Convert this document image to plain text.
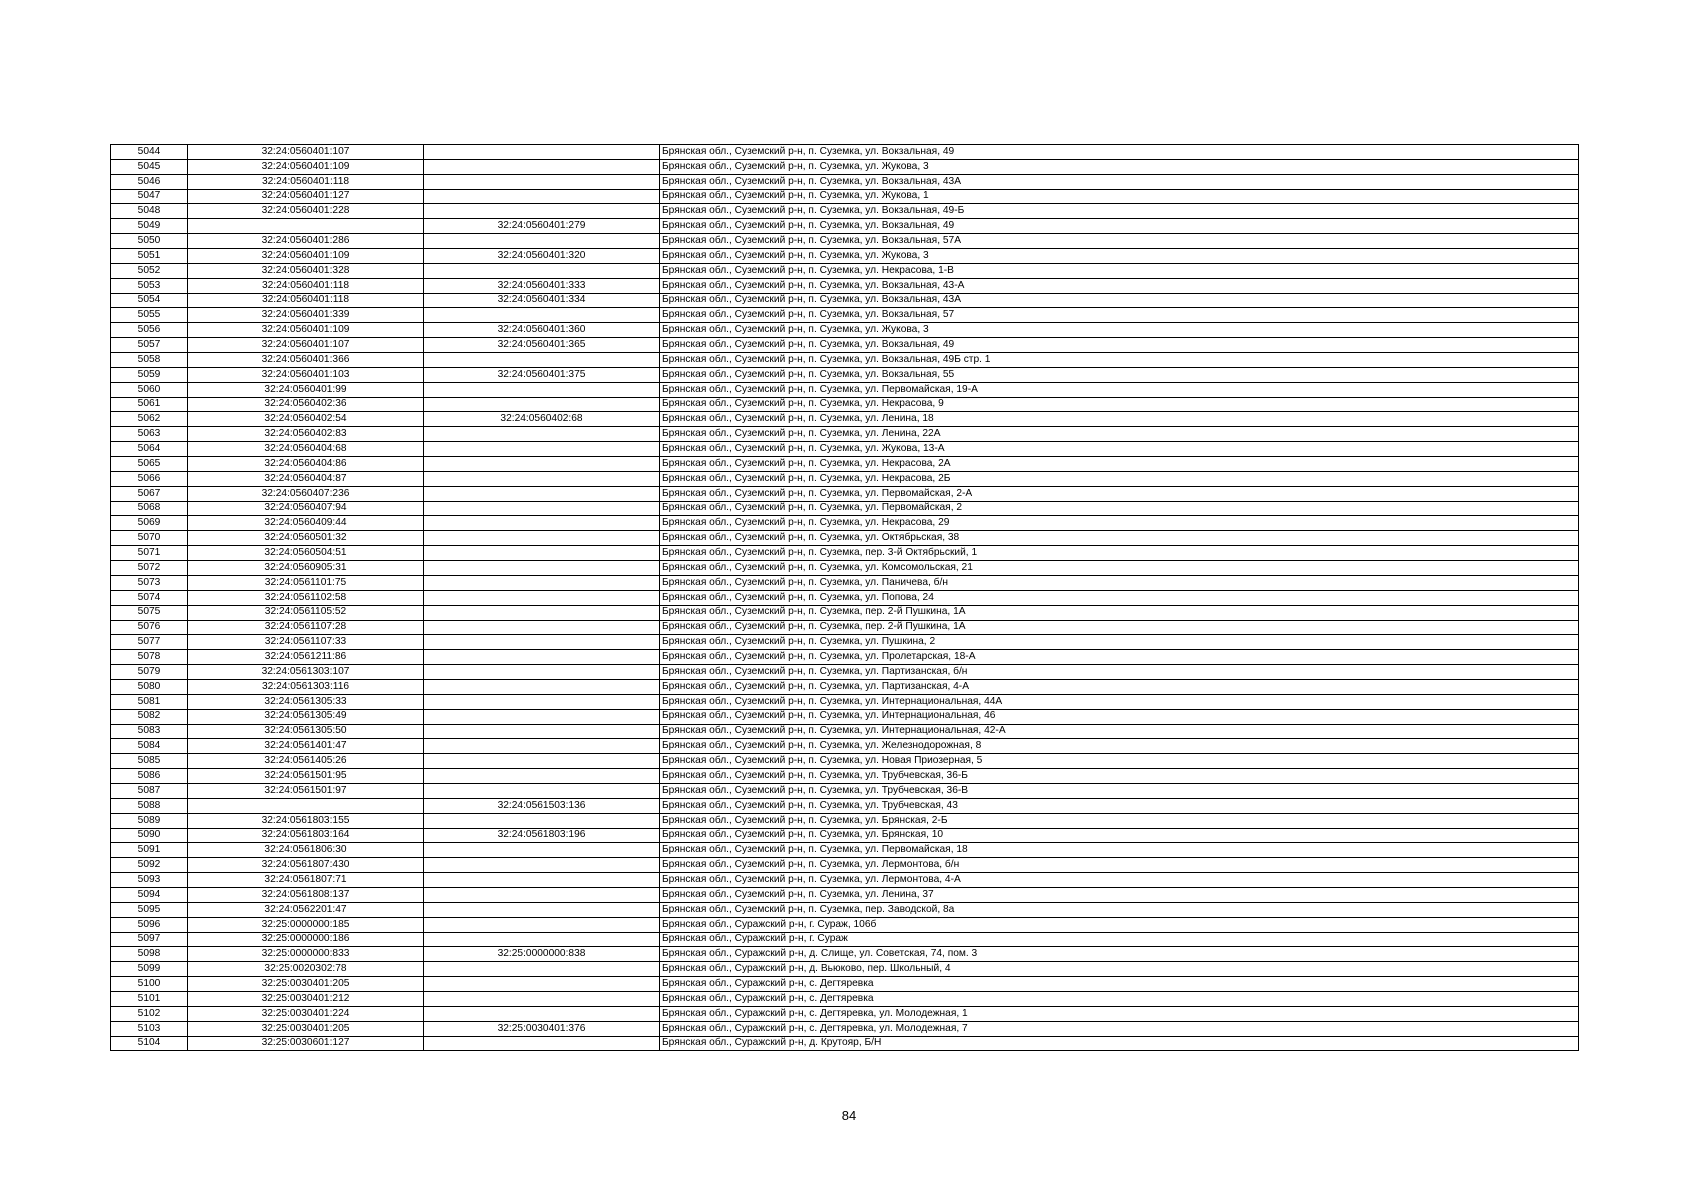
5044	32:24:0560401:107		Брянская обл., Суземский р-н, п. Суземка, ул. Вокзальная, 49
5045	32:24:0560401:109		Брянская обл., Суземский р-н, п. Суземка, ул. Жукова, 3
5046	32:24:0560401:118		Брянская обл., Суземский р-н, п. Суземка, ул. Вокзальная, 43А
5047	32:24:0560401:127		Брянская обл., Суземский р-н, п. Суземка, ул. Жукова, 1
5048	32:24:0560401:228		Брянская обл., Суземский р-н, п. Суземка, ул. Вокзальная, 49-Б
5049		32:24:0560401:279	Брянская обл., Суземский р-н, п. Суземка, ул. Вокзальная, 49
5050	32:24:0560401:286		Брянская обл., Суземский р-н, п. Суземка, ул. Вокзальная, 57А
5051	32:24:0560401:109	32:24:0560401:320	Брянская обл., Суземский р-н, п. Суземка, ул. Жукова, 3
5052	32:24:0560401:328		Брянская обл., Суземский р-н, п. Суземка, ул. Некрасова, 1-В
5053	32:24:0560401:118	32:24:0560401:333	Брянская обл., Суземский р-н, п. Суземка, ул. Вокзальная, 43-А
5054	32:24:0560401:118	32:24:0560401:334	Брянская обл., Суземский р-н, п. Суземка, ул. Вокзальная, 43А
5055	32:24:0560401:339		Брянская обл., Суземский р-н, п. Суземка, ул. Вокзальная, 57
5056	32:24:0560401:109	32:24:0560401:360	Брянская обл., Суземский р-н, п. Суземка, ул. Жукова, 3
5057	32:24:0560401:107	32:24:0560401:365	Брянская обл., Суземский р-н, п. Суземка, ул. Вокзальная, 49
5058	32:24:0560401:366		Брянская обл., Суземский р-н, п. Суземка, ул. Вокзальная, 49Б стр. 1
5059	32:24:0560401:103	32:24:0560401:375	Брянская обл., Суземский р-н, п. Суземка, ул. Вокзальная, 55
5060	32:24:0560401:99		Брянская обл., Суземский р-н, п. Суземка, ул. Первомайская, 19-А
5061	32:24:0560402:36		Брянская обл., Суземский р-н, п. Суземка, ул. Некрасова, 9
5062	32:24:0560402:54	32:24:0560402:68	Брянская обл., Суземский р-н, п. Суземка, ул. Ленина, 18
5063	32:24:0560402:83		Брянская обл., Суземский р-н, п. Суземка, ул. Ленина, 22А
5064	32:24:0560404:68		Брянская обл., Суземский р-н, п. Суземка, ул. Жукова, 13-А
5065	32:24:0560404:86		Брянская обл., Суземский р-н, п. Суземка, ул. Некрасова, 2А
5066	32:24:0560404:87		Брянская обл., Суземский р-н, п. Суземка, ул. Некрасова, 2Б
5067	32:24:0560407:236		Брянская обл., Суземский р-н, п. Суземка, ул. Первомайская, 2-А
5068	32:24:0560407:94		Брянская обл., Суземский р-н, п. Суземка, ул. Первомайская, 2
5069	32:24:0560409:44		Брянская обл., Суземский р-н, п. Суземка, ул. Некрасова, 29
5070	32:24:0560501:32		Брянская обл., Суземский р-н, п. Суземка, ул. Октябрьская, 38
5071	32:24:0560504:51		Брянская обл., Суземский р-н, п. Суземка, пер. 3-й Октябрьский, 1
5072	32:24:0560905:31		Брянская обл., Суземский р-н, п. Суземка, ул. Комсомольская, 21
5073	32:24:0561101:75		Брянская обл., Суземский р-н, п. Суземка, ул. Паничева, б/н
5074	32:24:0561102:58		Брянская обл., Суземский р-н, п. Суземка, ул. Попова, 24
5075	32:24:0561105:52		Брянская обл., Суземский р-н, п. Суземка, пер. 2-й Пушкина, 1А
5076	32:24:0561107:28		Брянская обл., Суземский р-н, п. Суземка, пер. 2-й Пушкина, 1А
5077	32:24:0561107:33		Брянская обл., Суземский р-н, п. Суземка, ул. Пушкина, 2
5078	32:24:0561211:86		Брянская обл., Суземский р-н, п. Суземка, ул. Пролетарская, 18-А
5079	32:24:0561303:107		Брянская обл., Суземский р-н, п. Суземка, ул. Партизанская, б/н
5080	32:24:0561303:116		Брянская обл., Суземский р-н, п. Суземка, ул. Партизанская, 4-А
5081	32:24:0561305:33		Брянская обл., Суземский р-н, п. Суземка, ул. Интернациональная, 44А
5082	32:24:0561305:49		Брянская обл., Суземский р-н, п. Суземка, ул. Интернациональная, 46
5083	32:24:0561305:50		Брянская обл., Суземский р-н, п. Суземка, ул. Интернациональная, 42-А
5084	32:24:0561401:47		Брянская обл., Суземский р-н, п. Суземка, ул. Железнодорожная, 8
5085	32:24:0561405:26		Брянская обл., Суземский р-н, п. Суземка, ул. Новая Приозерная, 5
5086	32:24:0561501:95		Брянская обл., Суземский р-н, п. Суземка, ул. Трубчевская, 36-Б
5087	32:24:0561501:97		Брянская обл., Суземский р-н, п. Суземка, ул. Трубчевская, 36-В
5088		32:24:0561503:136	Брянская обл., Суземский р-н, п. Суземка, ул. Трубчевская, 43
5089	32:24:0561803:155		Брянская обл., Суземский р-н, п. Суземка, ул. Брянская, 2-Б
5090	32:24:0561803:164	32:24:0561803:196	Брянская обл., Суземский р-н, п. Суземка, ул. Брянская, 10
5091	32:24:0561806:30		Брянская обл., Суземский р-н, п. Суземка, ул. Первомайская, 18
5092	32:24:0561807:430		Брянская обл., Суземский р-н, п. Суземка, ул. Лермонтова, б/н
5093	32:24:0561807:71		Брянская обл., Суземский р-н, п. Суземка, ул. Лермонтова, 4-А
5094	32:24:0561808:137		Брянская обл., Суземский р-н, п. Суземка, ул. Ленина, 37
5095	32:24:0562201:47		Брянская обл., Суземский р-н, п. Суземка, пер. Заводской, 8а
5096	32:25:0000000:185		Брянская обл., Суражский р-н, г. Сураж, 106б
5097	32:25:0000000:186		Брянская обл., Суражский р-н, г. Сураж
5098	32:25:0000000:833	32:25:0000000:838	Брянская обл., Суражский р-н, д. Слище, ул. Советская, 74, пом. 3
5099	32:25:0020302:78		Брянская обл., Суражский р-н, д. Вьюково, пер. Школьный, 4
5100	32:25:0030401:205		Брянская обл., Суражский р-н, с. Дегтяревка
5101	32:25:0030401:212		Брянская обл., Суражский р-н, с. Дегтяревка
5102	32:25:0030401:224		Брянская обл., Суражский р-н, с. Дегтяревка, ул. Молодежная, 1
5103	32:25:0030401:205	32:25:0030401:376	Брянская обл., Суражский р-н, с. Дегтяревка, ул. Молодежная, 7
5104	32:25:0030601:127		Брянская обл., Суражский р-н, д. Крутояр, Б/Н
84
